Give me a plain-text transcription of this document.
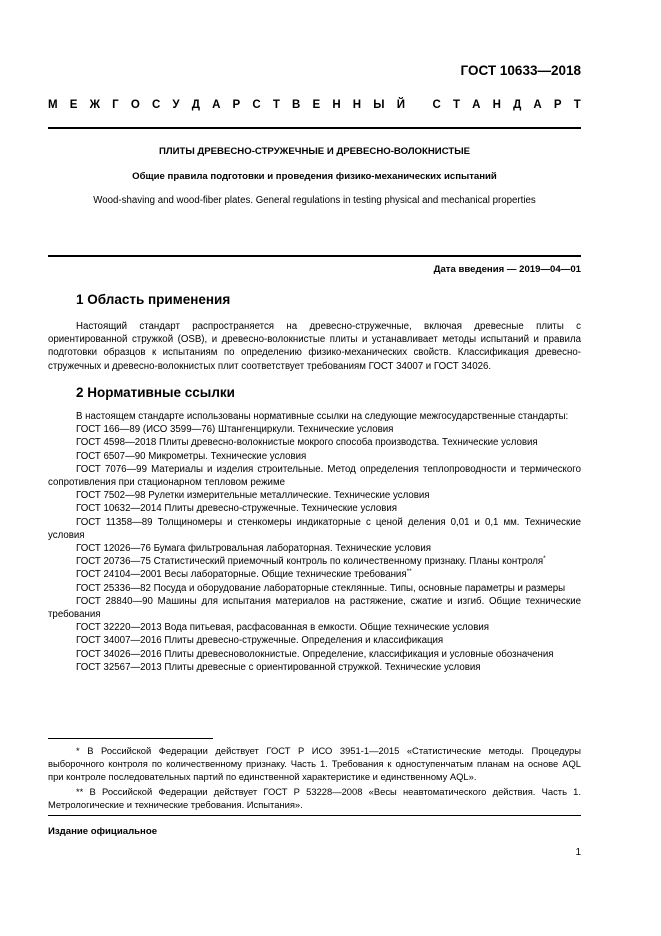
ГОСТ 10633—2018
М Е Ж Г О С У Д А Р С Т В Е Н Н Ы Й
С Т А Н Д А Р Т
ПЛИТЫ ДРЕВЕСНО-СТРУЖЕЧНЫЕ И ДРЕВЕСНО-ВОЛОКНИСТЫЕ
Общие правила подготовки и проведения физико-механических испытаний
Wood-shaving and wood-fiber plates. General regulations in testing physical and mechanical properties
Дата введения — 2019—04—01
1 Область применения

Настоящий стандарт распространяется на древесно-стружечные, включая древесные плиты с ориентированной стружкой (OSB), и древесно-волокнистые плиты и устанавливает методы испытаний и правила подготовки образцов к испытаниям по определению физико-механических свойств. Классификация древесно-стружечных и древесно-волокнистых плит соответствует требованиям ГОСТ 34007 и ГОСТ 34026.

2 Нормативные ссылки

В настоящем стандарте использованы нормативные ссылки на следующие межгосударственные стандарты:

ГОСТ 166—89 (ИСО 3599—76) Штангенциркули. Технические условия

ГОСТ 4598—2018 Плиты древесно-волокнистые мокрого способа производства. Технические условия

ГОСТ 6507—90 Микрометры. Технические условия

ГОСТ 7076—99 Материалы и изделия строительные. Метод определения теплопроводности и термического сопротивления при стационарном тепловом режиме

ГОСТ 7502—98 Рулетки измерительные металлические. Технические условия

ГОСТ 10632—2014 Плиты древесно-стружечные. Технические условия

ГОСТ 11358—89 Толщиномеры и стенкомеры индикаторные с ценой деления 0,01 и 0,1 мм. Технические условия

ГОСТ 12026—76 Бумага фильтровальная лабораторная. Технические условия

ГОСТ 20736—75 Статистический приемочный контроль по количественному признаку. Планы контроля*

ГОСТ 24104—2001 Весы лабораторные. Общие технические требования**

ГОСТ 25336—82 Посуда и оборудование лабораторные стеклянные. Типы, основные параметры и размеры

ГОСТ 28840—90 Машины для испытания материалов на растяжение, сжатие и изгиб. Общие технические требования

ГОСТ 32220—2013 Вода питьевая, расфасованная в емкости. Общие технические условия

ГОСТ 34007—2016 Плиты древесно-стружечные. Определения и классификация

ГОСТ 34026—2016 Плиты древесноволокнистые. Определение, классификация и условные обозначения

ГОСТ 32567—2013 Плиты древесные с ориентированной стружкой. Технические условия

* В Российской Федерации действует ГОСТ Р ИСО 3951-1—2015 «Статистические методы. Процедуры выборочного контроля по количественному признаку. Часть 1. Требования к одноступенчатым планам на основе AQL при контроле последовательных партий по единственной характеристике и единственному AQL».

** В Российской Федерации действует ГОСТ Р 53228—2008 «Весы неавтоматического действия. Часть 1. Метрологические и технические требования. Испытания».

Издание официальное
1
